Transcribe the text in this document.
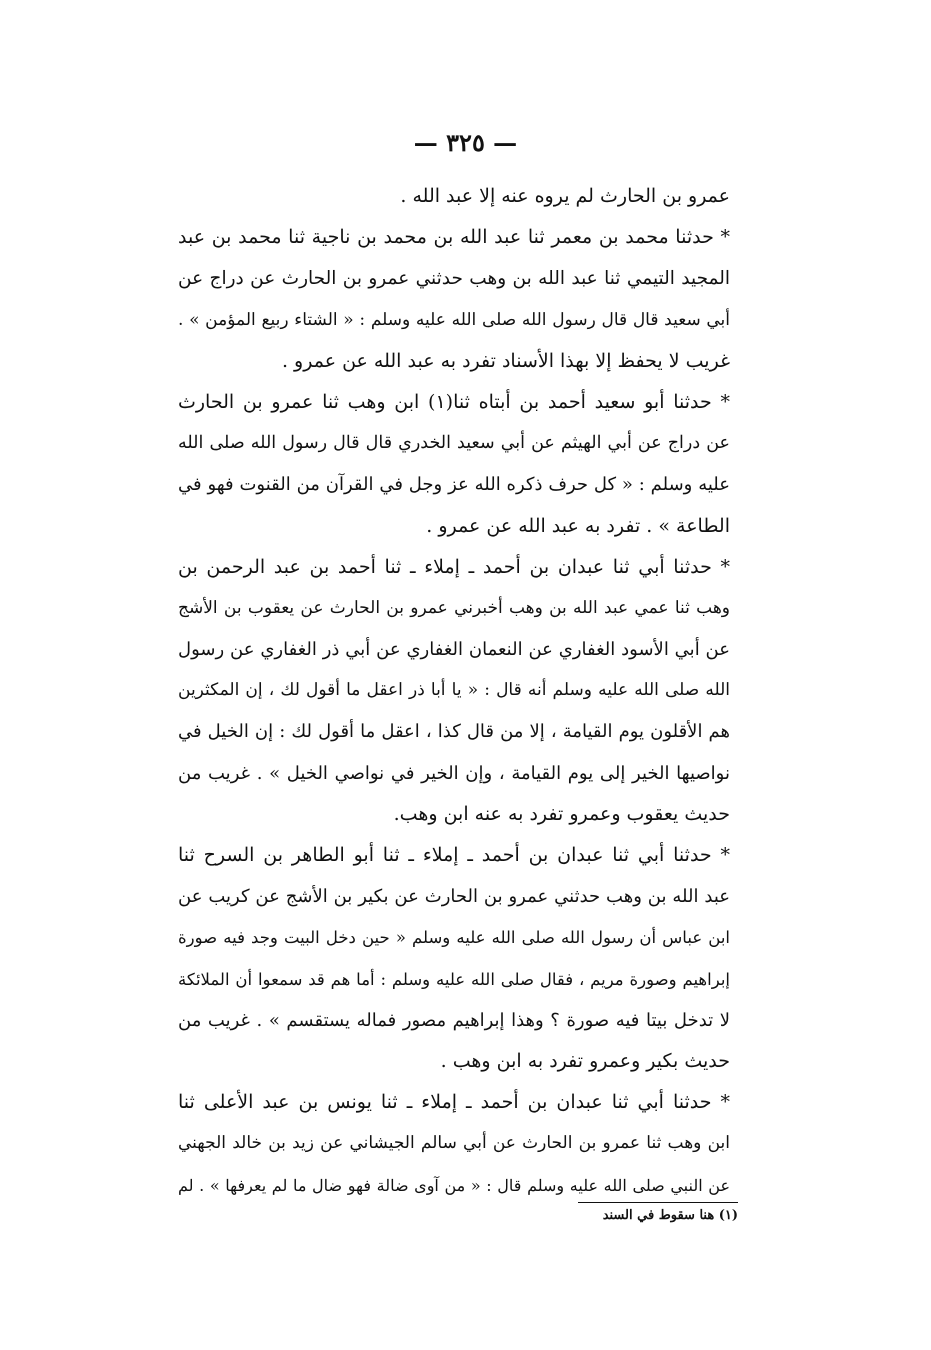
— ٣٢٥ —
عمرو بن الحارث لم يروه عنه إلا عبد الله .
* حدثنا محمد بن معمر ثنا عبد الله بن محمد بن ناجية ثنا محمد بن عبد
المجيد التيمي ثنا عبد الله بن وهب حدثني عمرو بن الحارث عن دراج عن
أبي سعيد قال قال رسول الله صلى الله عليه وسلم : « الشتاء ربيع المؤمن » .
غريب لا يحفظ إلا بهذا الأسناد تفرد به عبد الله عن عمرو .
* حدثنا أبو سعيد أحمد بن أبتاه ثنا(١) ابن وهب ثنا عمرو بن الحارث
عن دراج عن أبي الهيثم عن أبي سعيد الخدري قال قال رسول الله صلى الله
عليه وسلم : « كل حرف ذكره الله عز وجل في القرآن من القنوت فهو في
الطاعة » . تفرد به عبد الله عن عمرو .
* حدثنا أبي ثنا عبدان بن أحمد ـ إملاء ـ ثنا أحمد بن عبد الرحمن بن
وهب ثنا عمي عبد الله بن وهب أخبرني عمرو بن الحارث عن يعقوب بن الأشج
عن أبي الأسود الغفاري عن النعمان الغفاري عن أبي ذر الغفاري عن رسول
الله صلى الله عليه وسلم أنه قال : « يا أبا ذر اعقل ما أقول لك ، إن المكثرين
هم الأقلون يوم القيامة ، إلا من قال كذا ، اعقل ما أقول لك : إن الخيل في
نواصيها الخير إلى يوم القيامة ، وإن الخير في نواصي الخيل » . غريب من
حديث يعقوب وعمرو تفرد به عنه ابن وهب.
* حدثنا أبي ثنا عبدان بن أحمد ـ إملاء ـ ثنا أبو الطاهر بن السرح ثنا
عبد الله بن وهب حدثني عمرو بن الحارث عن بكير بن الأشج عن كريب عن
ابن عباس أن رسول الله صلى الله عليه وسلم « حين دخل البيت وجد فيه صورة
إبراهيم وصورة مريم ، فقال صلى الله عليه وسلم : أما هم قد سمعوا أن الملائكة
لا تدخل بيتا فيه صورة ؟ وهذا إبراهيم مصور فماله يستقسم » . غريب من
حديث بكير وعمرو تفرد به ابن وهب .
* حدثنا أبي ثنا عبدان بن أحمد ـ إملاء ـ ثنا يونس بن عبد الأعلى ثنا
ابن وهب ثنا عمرو بن الحارث عن أبي سالم الجيشاني عن زيد بن خالد الجهني
عن النبي صلى الله عليه وسلم قال : « من آوى ضالة فهو ضال ما لم يعرفها » . لم
(١) هنا سقوط في السند
